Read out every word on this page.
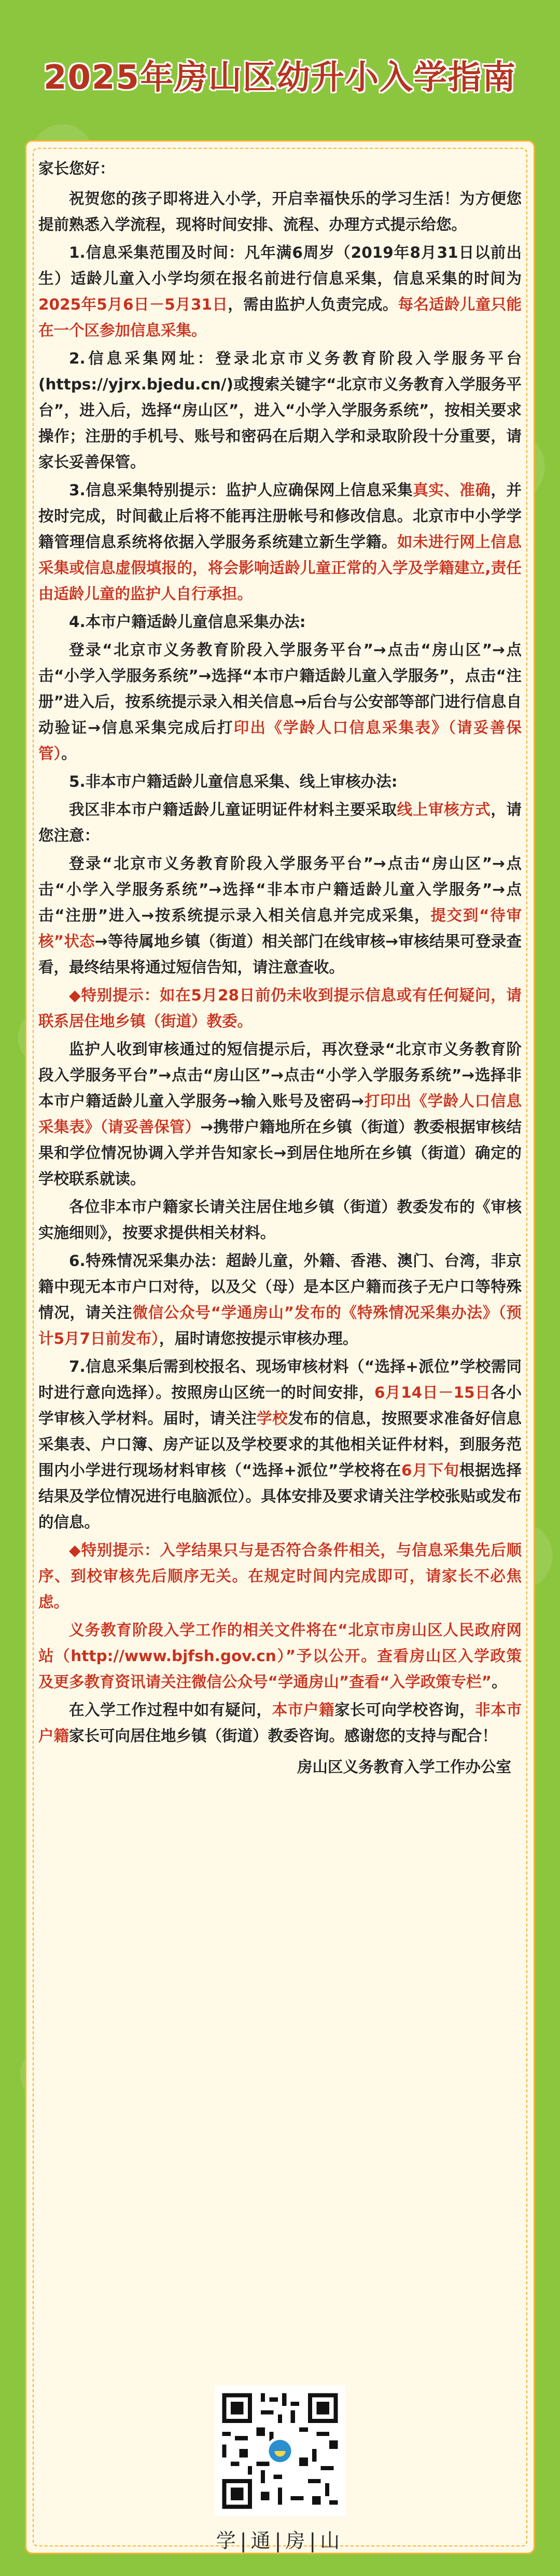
2025年房山区幼升小入学指南

家长您好：

祝贺您的孩子即将进入小学，开启幸福快乐的学习生活！为方便您提前熟悉入学流程，现将时间安排、流程、办理方式提示给您。

1.信息采集范围及时间：凡年满6周岁（2019年8月31日以前出生）适龄儿童入小学均须在报名前进行信息采集，信息采集的时间为2025年5月6日－5月31日，需由监护人负责完成。每名适龄儿童只能在一个区参加信息采集。

2.信息采集网址：登录北京市义务教育阶段入学服务平台(https://yjrx.bjedu.cn/)或搜索关键字“北京市义务教育入学服务平台”，进入后，选择“房山区”，进入“小学入学服务系统”，按相关要求操作；注册的手机号、账号和密码在后期入学和录取阶段十分重要，请家长妥善保管。

3.信息采集特别提示：监护人应确保网上信息采集真实、准确，并按时完成，时间截止后将不能再注册帐号和修改信息。北京市中小学学籍管理信息系统将依据入学服务系统建立新生学籍。如未进行网上信息采集或信息虚假填报的，将会影响适龄儿童正常的入学及学籍建立,责任由适龄儿童的监护人自行承担。

4.本市户籍适龄儿童信息采集办法:

登录“北京市义务教育阶段入学服务平台”→点击“房山区”→点击“小学入学服务系统”→选择“本市户籍适龄儿童入学服务”，点击“注册”进入后，按系统提示录入相关信息→后台与公安部等部门进行信息自动验证→信息采集完成后打印出《学龄人口信息采集表》（请妥善保管）。

5.非本市户籍适龄儿童信息采集、线上审核办法:

我区非本市户籍适龄儿童证明证件材料主要采取线上审核方式，请您注意：

登录“北京市义务教育阶段入学服务平台”→点击“房山区”→点击“小学入学服务系统”→选择“非本市户籍适龄儿童入学服务”→点击“注册”进入→按系统提示录入相关信息并完成采集，提交到“待审核”状态→等待属地乡镇（街道）相关部门在线审核→审核结果可登录查看，最终结果将通过短信告知，请注意查收。

◆特别提示：如在5月28日前仍未收到提示信息或有任何疑问，请联系居住地乡镇（街道）教委。

监护人收到审核通过的短信提示后，再次登录“北京市义务教育阶段入学服务平台”→点击“房山区”→点击“小学入学服务系统”→选择非本市户籍适龄儿童入学服务→输入账号及密码→打印出《学龄人口信息采集表》（请妥善保管）→携带户籍地所在乡镇（街道）教委根据审核结果和学位情况协调入学并告知家长→到居住地所在乡镇（街道）确定的学校联系就读。

各位非本市户籍家长请关注居住地乡镇（街道）教委发布的《审核实施细则》，按要求提供相关材料。

6.特殊情况采集办法：超龄儿童，外籍、香港、澳门、台湾，非京籍中现无本市户口对待，以及父（母）是本区户籍而孩子无户口等特殊情况，请关注微信公众号“学通房山”发布的《特殊情况采集办法》（预计5月7日前发布），届时请您按提示审核办理。

7.信息采集后需到校报名、现场审核材料（“选择+派位”学校需同时进行意向选择）。按照房山区统一的时间安排，6月14日－15日各小学审核入学材料。届时，请关注学校发布的信息，按照要求准备好信息采集表、户口簿、房产证以及学校要求的其他相关证件材料，到服务范围内小学进行现场材料审核（“选择+派位”学校将在6月下旬根据选择结果及学位情况进行电脑派位）。具体安排及要求请关注学校张贴或发布的信息。

◆特别提示：入学结果只与是否符合条件相关，与信息采集先后顺序、到校审核先后顺序无关。在规定时间内完成即可，请家长不必焦虑。

义务教育阶段入学工作的相关文件将在“北京市房山区人民政府网站（http://www.bjfsh.gov.cn）”予以公开。查看房山区入学政策及更多教育资讯请关注微信公众号“学通房山”查看“入学政策专栏”。

在入学工作过程中如有疑问，本市户籍家长可向学校咨询，非本市户籍家长可向居住地乡镇（街道）教委咨询。感谢您的支持与配合！

房山区义务教育入学工作办公室

学|通|房|山
